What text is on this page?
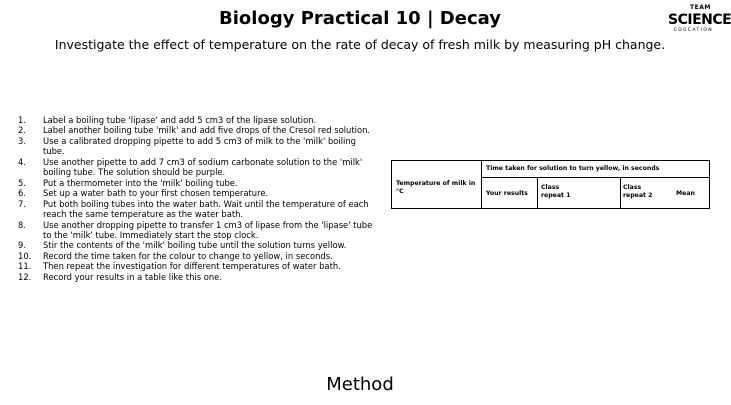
Biology Practical 10 | Decay
Investigate the effect of temperature on the rate of decay of fresh milk by measuring pH change.
TEAM
SCIENCE
EDUCATION
1. Label a boiling tube 'lipase' and add 5 cm3 of the lipase solution.
2. Label another boiling tube 'milk' and add five drops of the Cresol red solution.
3. Use a calibrated dropping pipette to add 5 cm3 of milk to the 'milk' boiling tube.
4. Use another pipette to add 7 cm3 of sodium carbonate solution to the 'milk' boiling tube. The solution should be purple.
5. Put a thermometer into the 'milk' boiling tube.
6. Set up a water bath to your first chosen temperature.
7. Put both boiling tubes into the water bath. Wait until the temperature of each reach the same temperature as the water bath.
8. Use another dropping pipette to transfer 1 cm3 of lipase from the 'lipase' tube to the 'milk' tube. Immediately start the stop clock.
9. Stir the contents of the 'milk' boiling tube until the solution turns yellow.
10. Record the time taken for the colour to change to yellow, in seconds.
11. Then repeat the investigation for different temperatures of water bath.
12. Record your results in a table like this one.
Temperature of milk in °C
Time taken for solution to turn yellow, in seconds
Your results
Class repeat 1
Class repeat 2	Mean
Method
